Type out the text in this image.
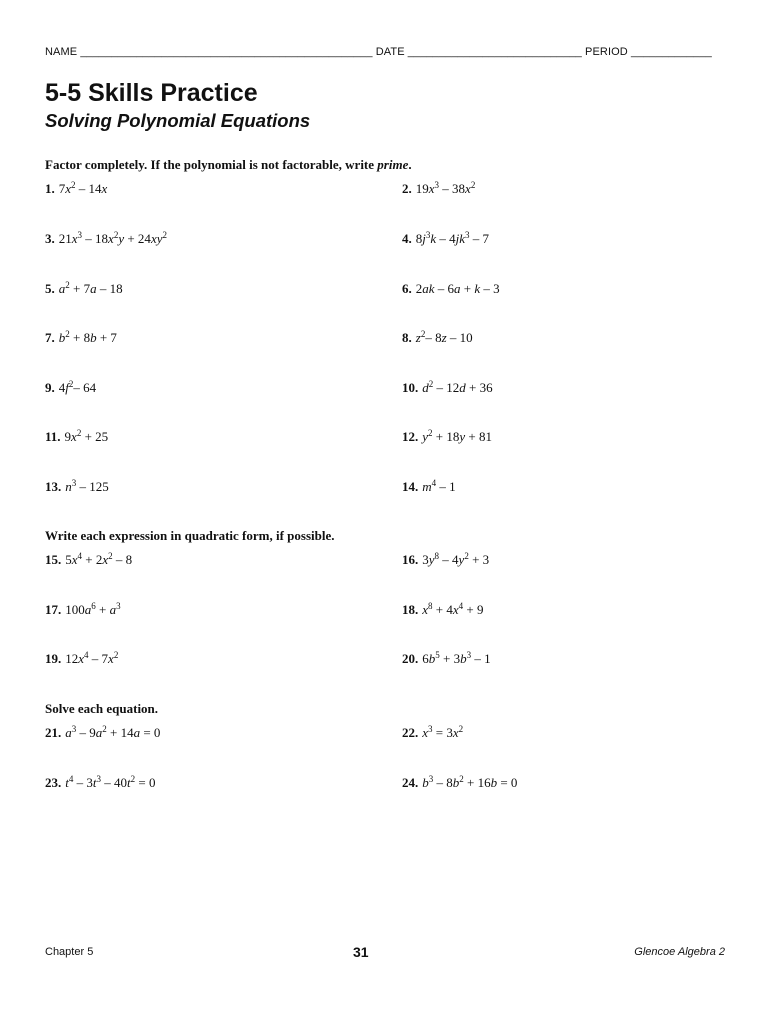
NAME _______________________________________________ DATE ____________________________ PERIOD _____________
5-5 Skills Practice
Solving Polynomial Equations
Factor completely. If the polynomial is not factorable, write prime.
1. $7x^2 - 14x$	2. $19x^3 - 38x^2$
3. $21x^3 - 18x^2y + 24xy^2$	4. $8j^3k - 4jk^3 - 7$
5. $a^2 + 7a - 18$	6. 2ak – 6a + k – 3
7. $b^2 + 8b + 7$	8. $z^2-$ 8z – 10
9. $4f^2-$ 64	10. $d^2 - 12d + 36$
11. $9x^2 + 25$	12. $y^2 + 18y + 81$
13. $n^3 - 125$	14. $m^4 - 1$
Write each expression in quadratic form, if possible.
15. $5x^4 + 2x^2 - 8$	16. $3y^8 - 4y^2 + 3$
17. $100a^6 + a^3$	18. $x^8 + 4x^4 + 9$
19. $12x^4 - 7x^2$	20. $6b^5 + 3b^3 - 1$
Solve each equation.
21. $a^3 - 9a^2 + 14a = 0$	22. $x^3 = 3x^2$
23. $t^4 - 3t^3 - 40t^2 = 0$	24. $b^3 - 8b^2 + 16b = 0$
Chapter 5	31	Glencoe Algebra 2
